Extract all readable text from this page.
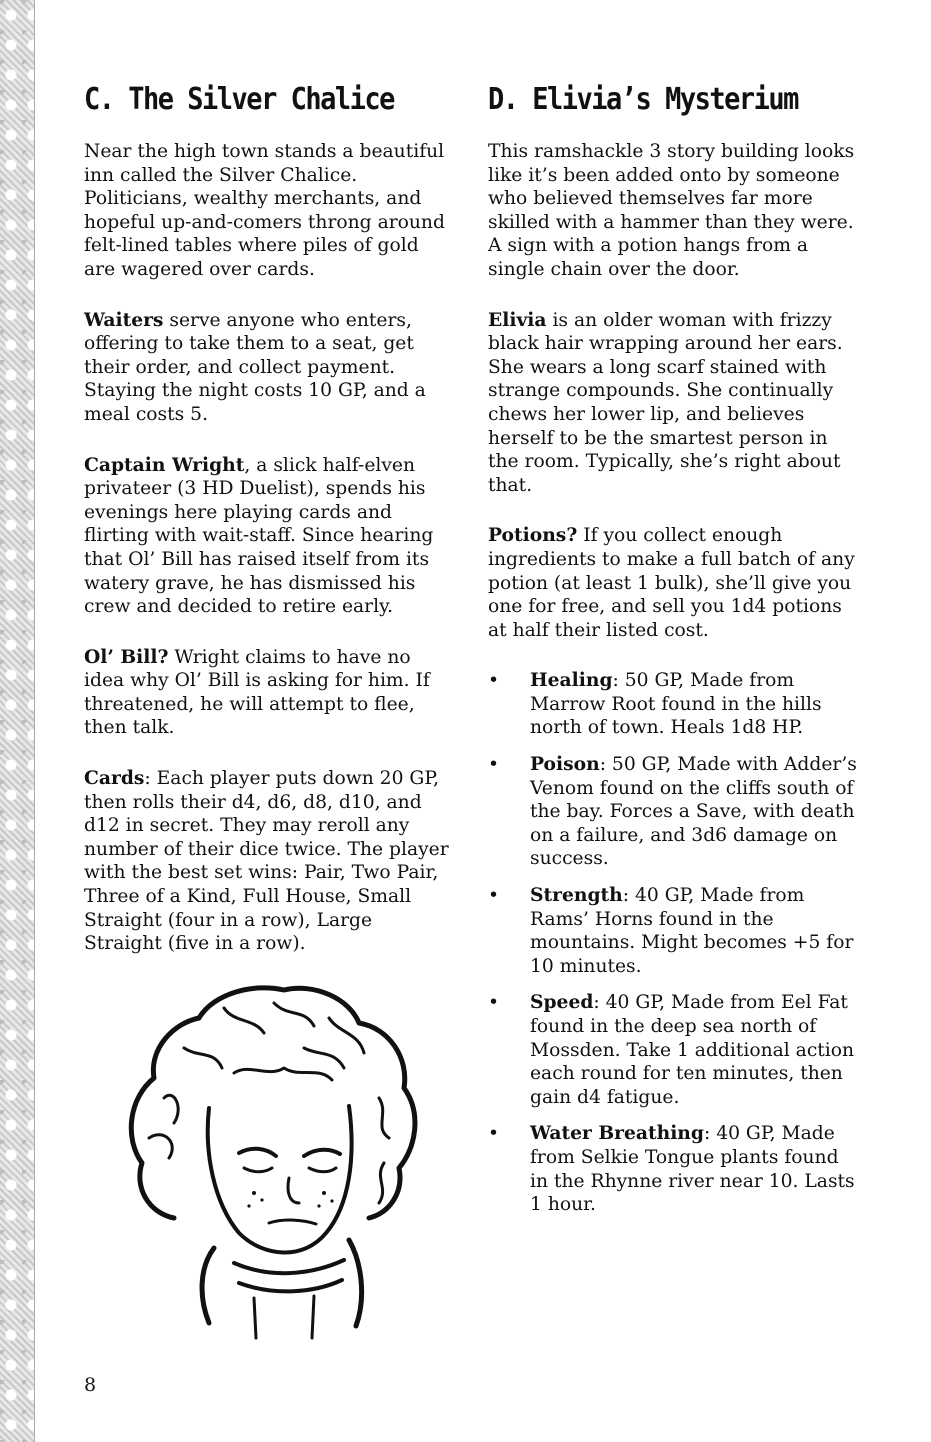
C. The Silver Chalice

Near the high town stands a beautiful inn called the Silver Chalice. Politicians, wealthy merchants, and hopeful up-and-comers throng around felt-lined tables where piles of gold are wagered over cards.

Waiters serve anyone who enters, offering to take them to a seat, get their order, and collect payment. Staying the night costs 10 GP, and a meal costs 5.

Captain Wright, a slick half-elven privateer (3 HD Duelist), spends his evenings here playing cards and flirting with wait-staff. Since hearing that Ol’ Bill has raised itself from its watery grave, he has dismissed his crew and decided to retire early.

Ol’ Bill? Wright claims to have no idea why Ol’ Bill is asking for him. If threatened, he will attempt to flee, then talk.

Cards: Each player puts down 20 GP, then rolls their d4, d6, d8, d10, and d12 in secret. They may reroll any number of their dice twice. The player with the best set wins: Pair, Two Pair, Three of a Kind, Full House, Small Straight (four in a row), Large Straight (five in a row).

8
D. Elivia’s Mysterium

This ramshackle 3 story building looks like it’s been added onto by someone who believed themselves far more skilled with a hammer than they were. A sign with a potion hangs from a single chain over the door.

Elivia is an older woman with frizzy black hair wrapping around her ears. She wears a long scarf stained with strange compounds. She continually chews her lower lip, and believes herself to be the smartest person in the room. Typically, she’s right about that.

Potions? If you collect enough ingredients to make a full batch of any potion (at least 1 bulk), she’ll give you one for free, and sell you 1d4 potions at half their listed cost.

• Healing: 50 GP, Made from Marrow Root found in the hills north of town. Heals 1d8 HP.
• Poison: 50 GP, Made with Adder’s Venom found on the cliffs south of the bay. Forces a Save, with death on a failure, and 3d6 damage on success.
• Strength: 40 GP, Made from Rams’ Horns found in the mountains. Might becomes +5 for 10 minutes.
• Speed: 40 GP, Made from Eel Fat found in the deep sea north of Mossden. Take 1 additional action each round for ten minutes, then gain d4 fatigue.
• Water Breathing: 40 GP, Made from Selkie Tongue plants found in the Rhynne river near 10. Lasts 1 hour.
